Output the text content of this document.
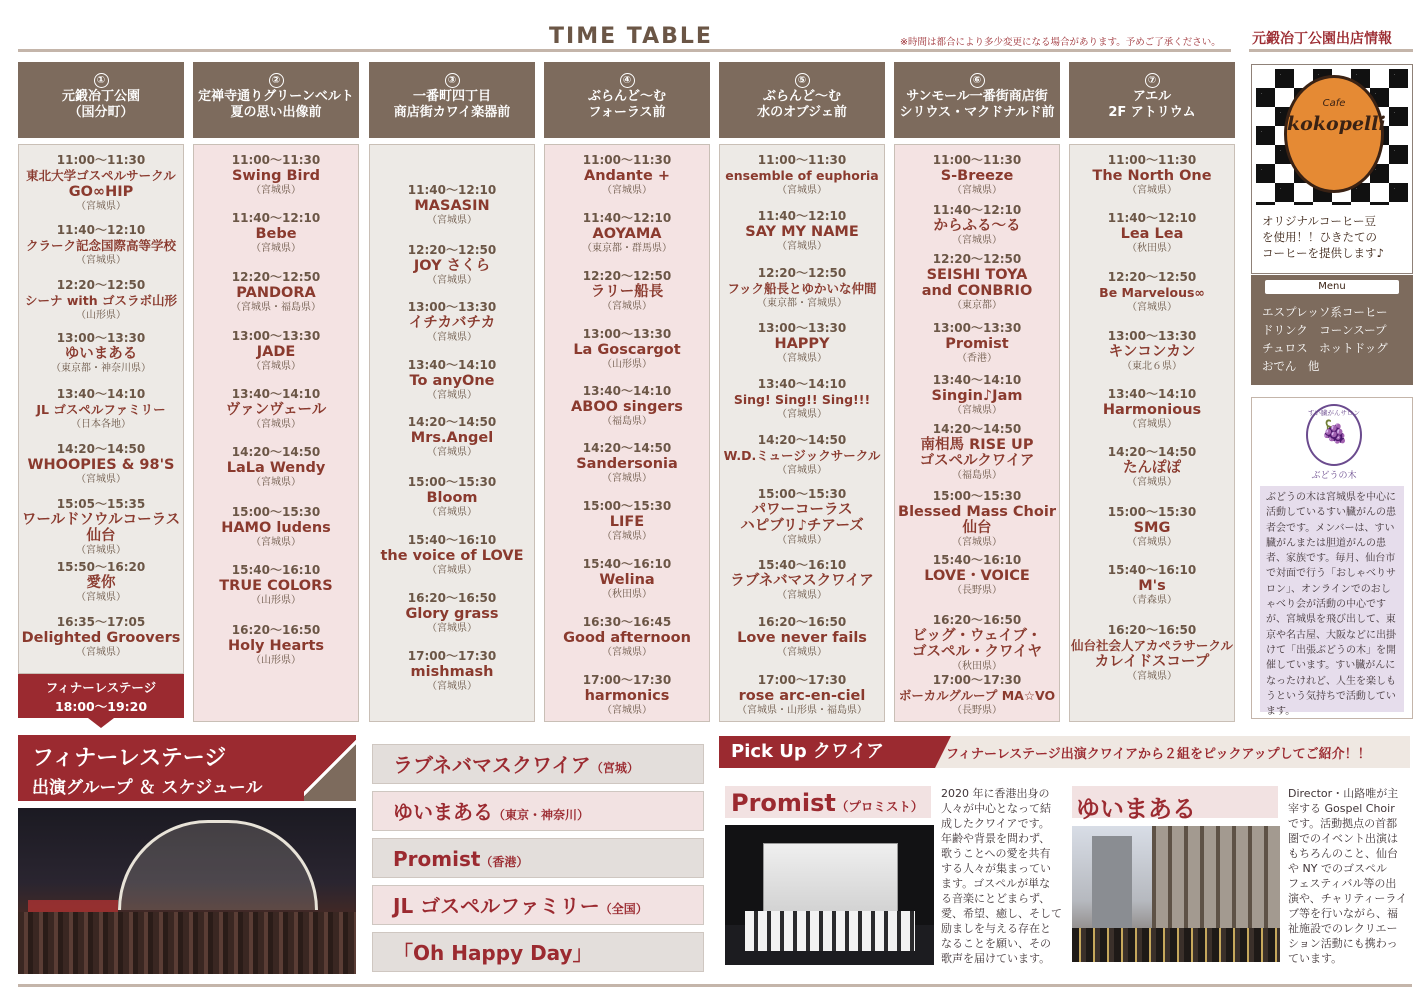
TIME TABLE	※時間は都合により多少変更になる場合があります。予めご了承ください。 元鍛冶丁公園出店情報
①
元鍛冶丁公園
（国分町）
11:00～11:30
東北大学ゴスペルサークル
GO∞HIP
（宮城県）
11:40～12:10
クラーク記念国際高等学校
（宮城県）
12:20～12:50
シーナ with ゴスラボ山形
（山形県）
13:00～13:30
ゆいまある
（東京都・神奈川県）
13:40～14:10
JL ゴスペルファミリー
（日本各地）
14:20～14:50
WHOOPIES & 98'S
（宮城県）
15:05～15:35
ワールドソウルコーラス
仙台
（宮城県）
15:50～16:20
愛你
（宮城県）
16:35～17:05
Delighted Groovers
（宮城県）
フィナーレステージ
18:00～19:20
②
定禅寺通りグリーンベルト
夏の思い出像前
11:00～11:30
Swing Bird
（宮城県）
11:40～12:10
Bebe
（宮城県）
12:20～12:50
PANDORA
（宮城県・福島県）
13:00～13:30
JADE
（宮城県）
13:40～14:10
ヴァンヴェール
（宮城県）
14:20～14:50
LaLa Wendy
（宮城県）
15:00～15:30
HAMO ludens
（宮城県）
15:40～16:10
TRUE COLORS
（山形県）
16:20～16:50
Holy Hearts
（山形県）
③
一番町四丁目
商店街カワイ楽器前
11:40～12:10
MASASIN
（宮城県）
12:20～12:50
JOY さくら
（宮城県）
13:00～13:30
イチカバチカ
（宮城県）
13:40～14:10
To anyOne
（宮城県）
14:20～14:50
Mrs.Angel
（宮城県）
15:00～15:30
Bloom
（宮城県）
15:40～16:10
the voice of LOVE
（宮城県）
16:20～16:50
Glory grass
（宮城県）
17:00～17:30
mishmash
（宮城県）
④
ぶらんど～む
フォーラス前
11:00～11:30
Andante +
（宮城県）
11:40～12:10
AOYAMA
（東京都・群馬県）
12:20～12:50
ラリー船長
（宮城県）
13:00～13:30
La Goscargot
（山形県）
13:40～14:10
ABOO singers
（福島県）
14:20～14:50
Sandersonia
（宮城県）
15:00～15:30
LIFE
（宮城県）
15:40～16:10
Welina
（秋田県）
16:30～16:45
Good afternoon
（宮城県）
17:00～17:30
harmonics
（宮城県）
⑤
ぶらんど～む
水のオブジェ前
11:00～11:30
ensemble of euphoria
（宮城県）
11:40～12:10
SAY MY NAME
（宮城県）
12:20～12:50
フック船長とゆかいな仲間
（東京都・宮城県）
13:00～13:30
HAPPY
（宮城県）
13:40～14:10
Sing! Sing!! Sing!!!
（宮城県）
14:20～14:50
W.D.ミュージックサークル
（宮城県）
15:00～15:30
パワーコーラス
ハピブリ♪チアーズ
（宮城県）
15:40～16:10
ラブネバマスクワイア
（宮城県）
16:20～16:50
Love never fails
（宮城県）
17:00～17:30
rose arc-en-ciel
（宮城県・山形県・福島県）
⑥
サンモール一番街商店街
シリウス・マクドナルド前
11:00～11:30
S-Breeze
（宮城県）
11:40～12:10
からふる～る
（宮城県）
12:20～12:50
SEISHI TOYA
and CONBRIO
（東京都）
13:00～13:30
Promist
（香港）
13:40～14:10
Singin♪Jam
（宮城県）
14:20～14:50
南相馬 RISE UP
ゴスペルクワイア
（福島県）
15:00～15:30
Blessed Mass Choir
仙台
（宮城県）
15:40～16:10
LOVE・VOICE
（長野県）
16:20～16:50
ビッグ・ウェイブ・
ゴスペル・クワイヤ
（秋田県）
17:00～17:30
ボーカルグループ MA☆VO
（長野県）
⑦
アエル
2F アトリウム
11:00～11:30
The North One
（宮城県）
11:40～12:10
Lea Lea
（秋田県）
12:20～12:50
Be Marvelous∞
（宮城県）
13:00～13:30
キンコンカン
（東北６県）
13:40～14:10
Harmonious
（宮城県）
14:20～14:50
たんぽぽ
（宮城県）
15:00～15:30
SMG
（宮城県）
15:40～16:10
M's
（青森県）
16:20～16:50
仙台社会人アカペラサークル
カレイドスコープ
（宮城県）
Cafe
kokopelli
オリジナルコーヒー豆
を使用！！ひきたての
コーヒーを提供します♪
Menu
エスプレッソ系コーヒー
ドリンク　コーンスープ
チュロス　ホットドッグ
おでん　他
すい臓がんサロン
🍇
ぶどうの木
ぶどうの木は宮城県を中心に活動しているすい臓がんの患者会です。メンバーは、すい臓がんまたは胆道がんの患者、家族です。毎月、仙台市で対面で行う「おしゃべりサロン」、オンラインでのおしゃべり会が活動の中心ですが、宮城県を飛び出して、東京や名古屋、大阪などに出掛けて「出張ぶどうの木」を開催しています。すい臓がんになったけれど、人生を楽しもうという気持ちで活動しています。
フィナーレステージ
出演グループ ＆ スケジュール
ラブネバマスクワイア（宮城）
ゆいまある（東京・神奈川）
Promist（香港）
JL ゴスペルファミリー（全国）
「Oh Happy Day」
Pick Up クワイア	フィナーレステージ出演クワイアから２組をピックアップしてご紹介！！
Promist（プロミスト）
2020 年に香港出身の
人々が中心となって結
成したクワイアです。
年齢や背景を問わず、
歌うことへの愛を共有
する人々が集まってい
ます。ゴスペルが単な
る音楽にとどまらず、
愛、希望、癒し、そして
励ましを与える存在と
なることを願い、その
歌声を届けています。
ゆいまある
Director・山路唯が主
宰する Gospel Choir
です。活動拠点の首都
圏でのイベント出演は
もちろんのこと、仙台
や NY でのゴスペル
フェスティバル等の出
演や、チャリティーライ
ブ等を行いながら、福
祉施設でのレクリエー
ション活動にも携わっ
ています。
